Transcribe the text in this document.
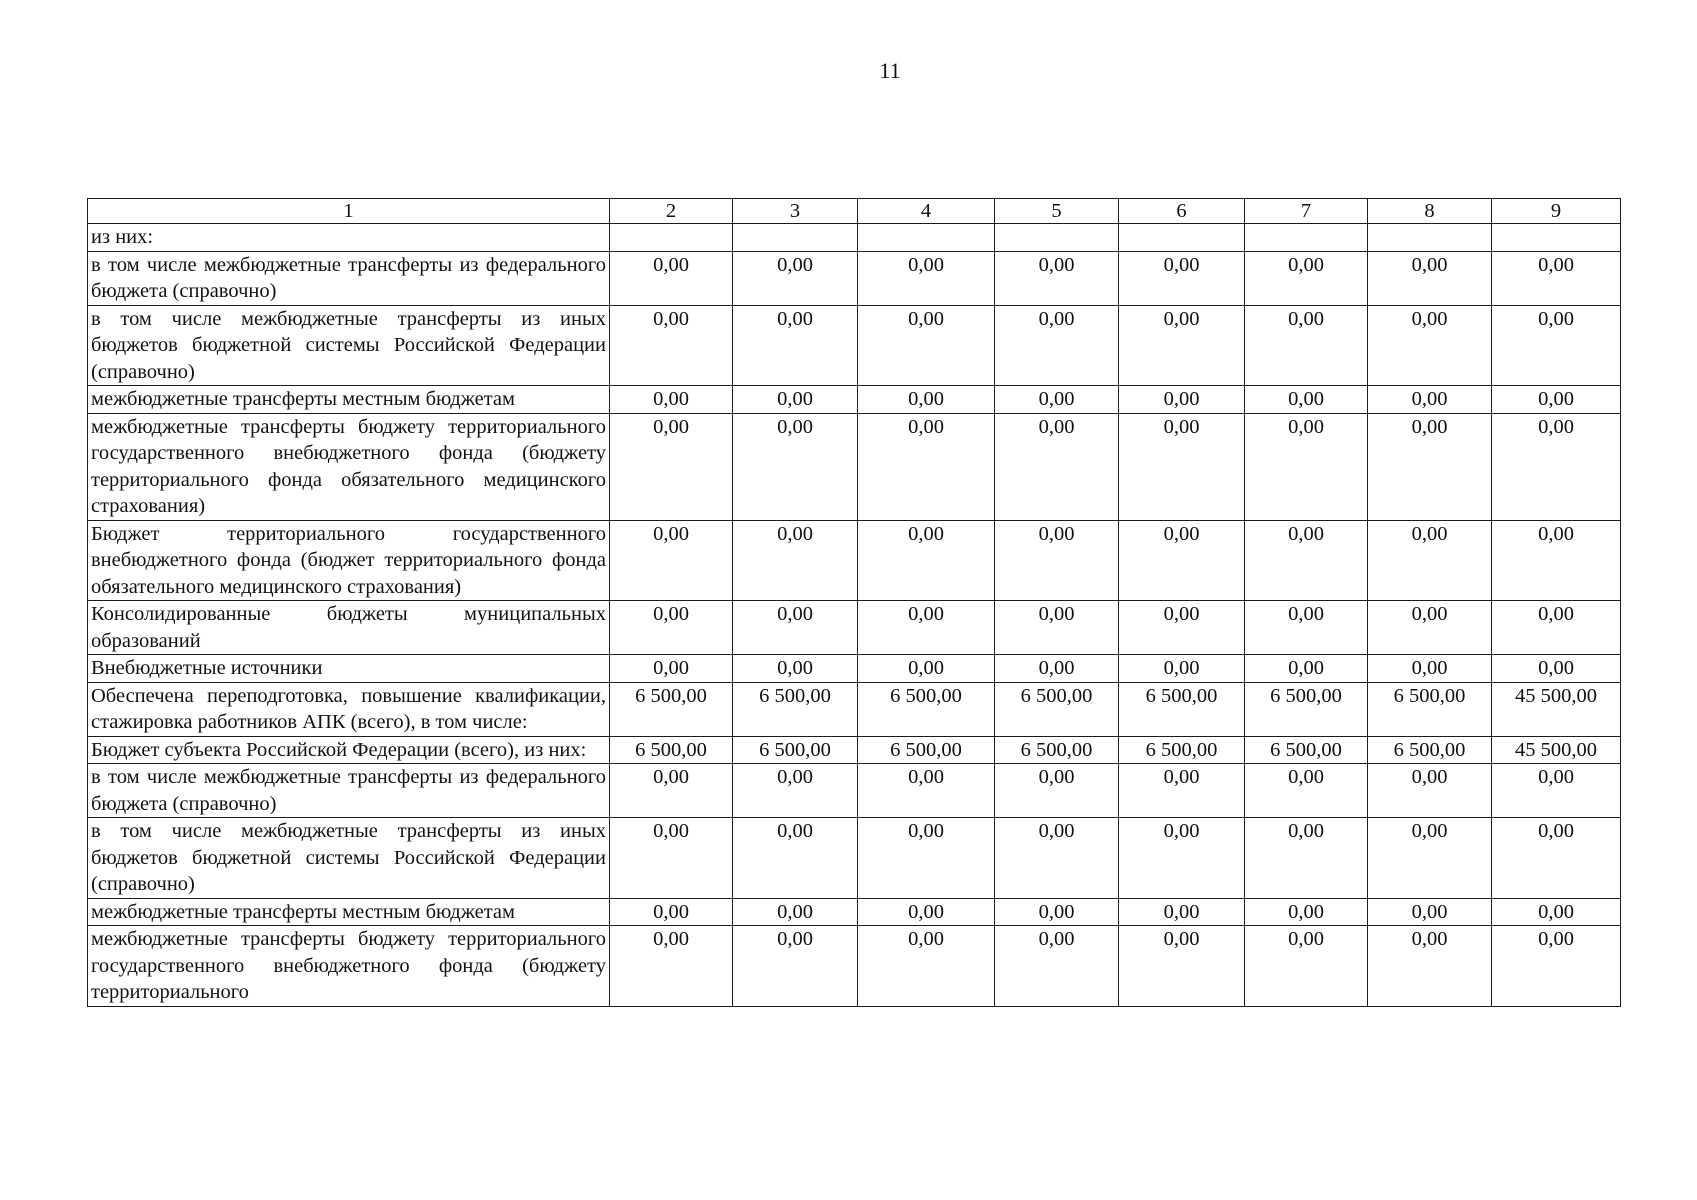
11
1	2	3	4	5	6	7	8	9
из них:								
в том числе межбюджетные трансферты из федерального бюджета (справочно)	0,00	0,00	0,00	0,00	0,00	0,00	0,00	0,00
в том числе межбюджетные трансферты из иных бюджетов бюджетной системы Российской Федерации (справочно)	0,00	0,00	0,00	0,00	0,00	0,00	0,00	0,00
межбюджетные трансферты местным бюджетам	0,00	0,00	0,00	0,00	0,00	0,00	0,00	0,00
межбюджетные трансферты бюджету территориального государственного внебюджетного фонда (бюджету территориального фонда обязательного медицинского страхования)	0,00	0,00	0,00	0,00	0,00	0,00	0,00	0,00
Бюджет территориального государственного внебюджетного фонда (бюджет территориального фонда обязательного медицинского страхования)	0,00	0,00	0,00	0,00	0,00	0,00	0,00	0,00
Консолидированные бюджеты муниципальных образований	0,00	0,00	0,00	0,00	0,00	0,00	0,00	0,00
Внебюджетные источники	0,00	0,00	0,00	0,00	0,00	0,00	0,00	0,00
Обеспечена переподготовка, повышение квалификации, стажировка работников АПК (всего), в том числе:	6 500,00	6 500,00	6 500,00	6 500,00	6 500,00	6 500,00	6 500,00	45 500,00
Бюджет субъекта Российской Федерации (всего), из них:	6 500,00	6 500,00	6 500,00	6 500,00	6 500,00	6 500,00	6 500,00	45 500,00
в том числе межбюджетные трансферты из федерального бюджета (справочно)	0,00	0,00	0,00	0,00	0,00	0,00	0,00	0,00
в том числе межбюджетные трансферты из иных бюджетов бюджетной системы Российской Федерации (справочно)	0,00	0,00	0,00	0,00	0,00	0,00	0,00	0,00
межбюджетные трансферты местным бюджетам	0,00	0,00	0,00	0,00	0,00	0,00	0,00	0,00
межбюджетные трансферты бюджету территориального государственного внебюджетного фонда (бюджету территориального	0,00	0,00	0,00	0,00	0,00	0,00	0,00	0,00
